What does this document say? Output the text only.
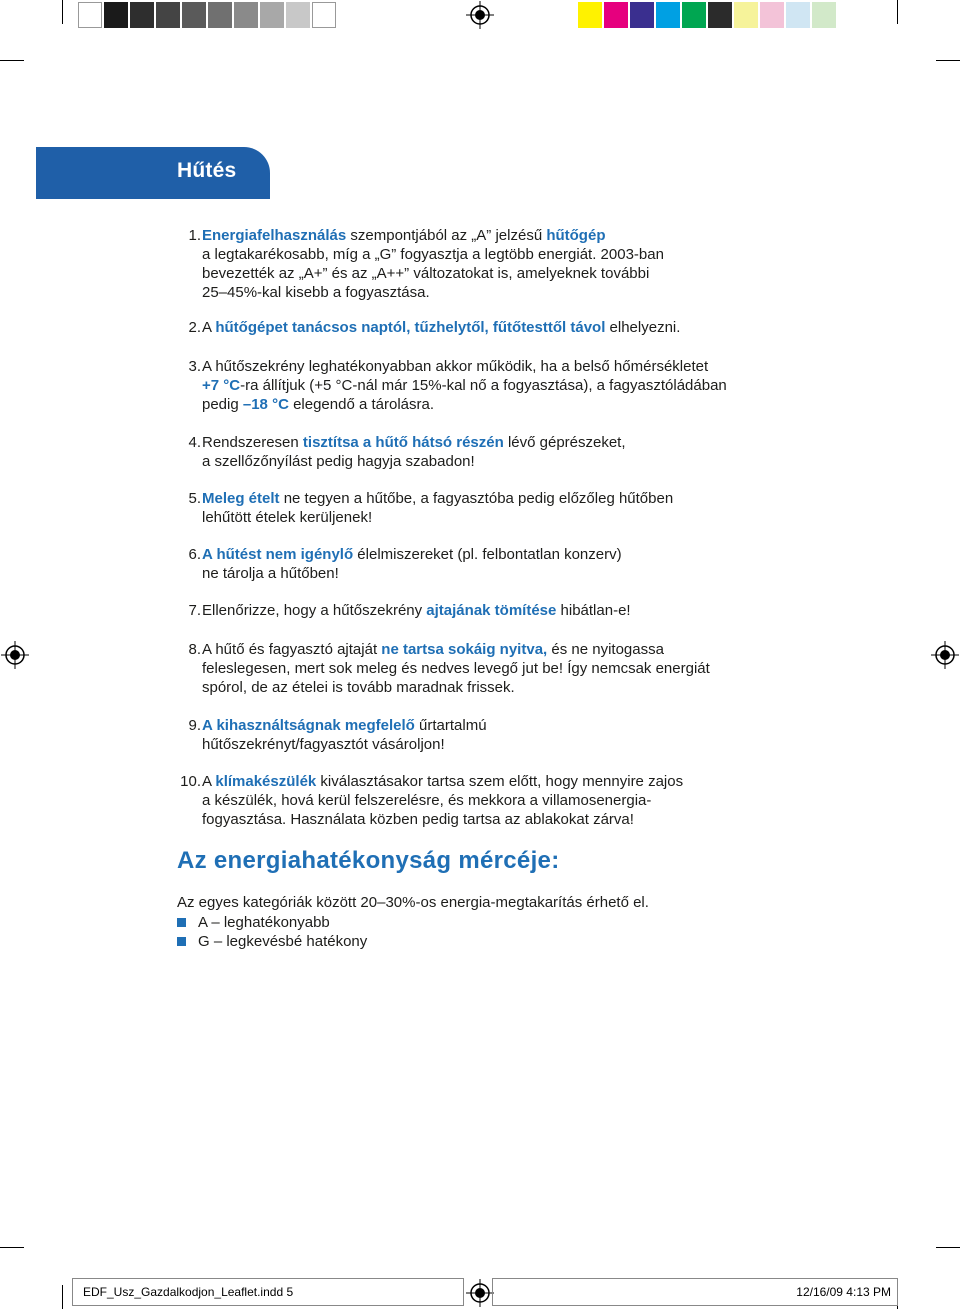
Hűtés
1. Energiafelhasználás szempontjából az „A” jelzésű hűtőgép
a legtakarékosabb, míg a „G” fogyasztja a legtöbb energiát. 2003-ban
bevezették az „A+” és az „A++” változatokat is, amelyeknek további
25–45%-kal kisebb a fogyasztása.
2. A hűtőgépet tanácsos naptól, tűzhelytől, fűtőtesttől távol elhelyezni.
3. A hűtőszekrény leghatékonyabban akkor működik, ha a belső hőmérsékletet
+7 °C-ra állítjuk (+5 °C-nál már 15%-kal nő a fogyasztása), a fagyasztóládában
pedig –18 °C elegendő a tárolásra.
4. Rendszeresen tisztítsa a hűtő hátsó részén lévő géprészeket,
a szellőzőnyílást pedig hagyja szabadon!
5. Meleg ételt ne tegyen a hűtőbe, a fagyasztóba pedig előzőleg hűtőben
lehűtött ételek kerüljenek!
6. A hűtést nem igénylő élelmiszereket (pl. felbontatlan konzerv)
ne tárolja a hűtőben!
7. Ellenőrizze, hogy a hűtőszekrény ajtajának tömítése hibátlan-e!
8. A hűtő és fagyasztó ajtaját ne tartsa sokáig nyitva, és ne nyitogassa
feleslegesen, mert sok meleg és nedves levegő jut be! Így nemcsak energiát
spórol, de az ételei is tovább maradnak frissek.
9. A kihasználtságnak megfelelő űrtartalmú
hűtőszekrényt/fagyasztót vásároljon!
10. A klímakészülék kiválasztásakor tartsa szem előtt, hogy mennyire zajos
a készülék, hová kerül felszerelésre, és mekkora a villamosenergia-
fogyasztása. Használata közben pedig tartsa az ablakokat zárva!
Az energiahatékonyság mércéje:
Az egyes kategóriák között 20–30%-os energia-megtakarítás érhető el.
A – leghatékonyabb
G – legkevésbé hatékony
EDF_Usz_Gazdalkodjon_Leaflet.indd 5	12/16/09 4:13 PM
